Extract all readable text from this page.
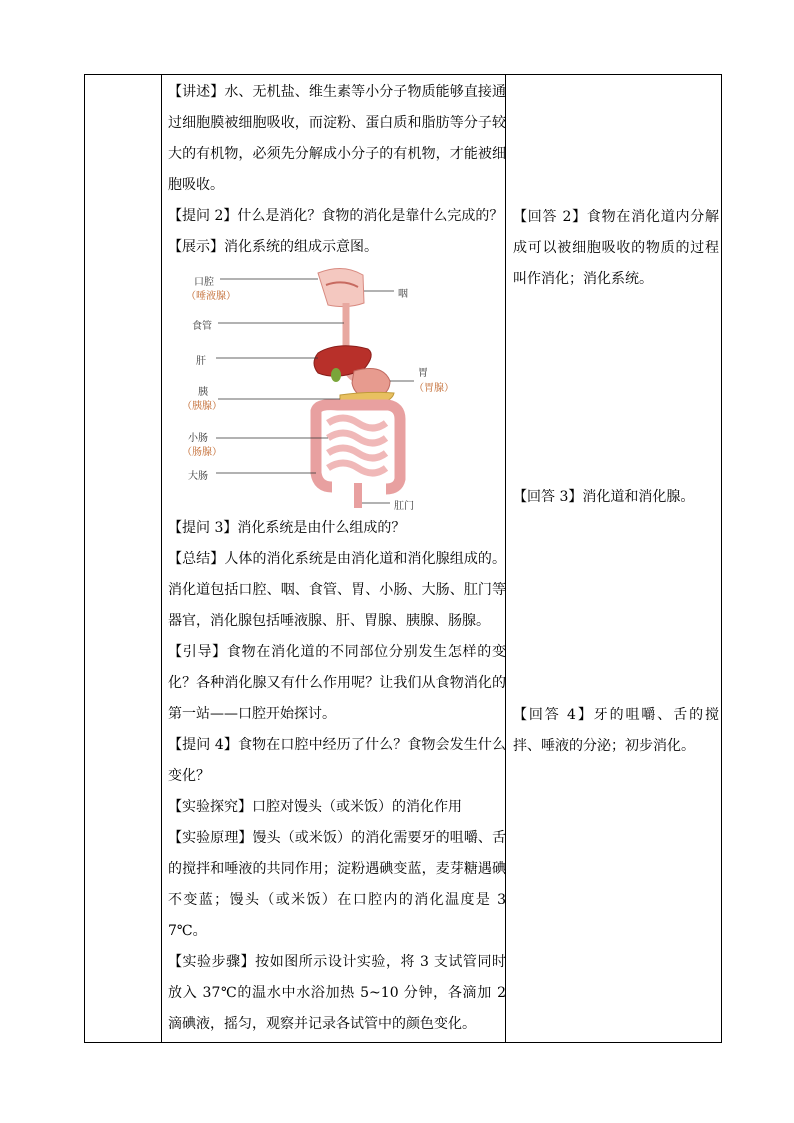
【讲述】水、无机盐、维生素等小分子物质能够直接通过细胞膜被细胞吸收，而淀粉、蛋白质和脂肪等分子较大的有机物，必须先分解成小分子的有机物，才能被细胞吸收。

【提问 2】什么是消化？食物的消化是靠什么完成的？

【展示】消化系统的组成示意图。

口腔
（唾液腺）	咽
食管
肝
胃
（胃腺）
胰
（胰腺）
小肠
（肠腺）
大肠
肛门

【提问 3】消化系统是由什么组成的？

【总结】人体的消化系统是由消化道和消化腺组成的。消化道包括口腔、咽、食管、胃、小肠、大肠、肛门等器官，消化腺包括唾液腺、肝、胃腺、胰腺、肠腺。

【引导】食物在消化道的不同部位分别发生怎样的变化？各种消化腺又有什么作用呢？让我们从食物消化的第一站——口腔开始探讨。

【提问 4】食物在口腔中经历了什么？食物会发生什么变化？

【实验探究】口腔对馒头（或米饭）的消化作用

【实验原理】馒头（或米饭）的消化需要牙的咀嚼、舌的搅拌和唾液的共同作用；淀粉遇碘变蓝，麦芽糖遇碘不变蓝；馒头（或米饭）在口腔内的消化温度是 37℃。

【实验步骤】按如图所示设计实验，将 3 支试管同时放入 37℃的温水中水浴加热 5~10 分钟，各滴加 2 滴碘液，摇匀，观察并记录各试管中的颜色变化。

【回答 2】食物在消化道内分解成可以被细胞吸收的物质的过程叫作消化；消化系统。

【回答 3】消化道和消化腺。

【回答 4】牙的咀嚼、舌的搅拌、唾液的分泌；初步消化。
